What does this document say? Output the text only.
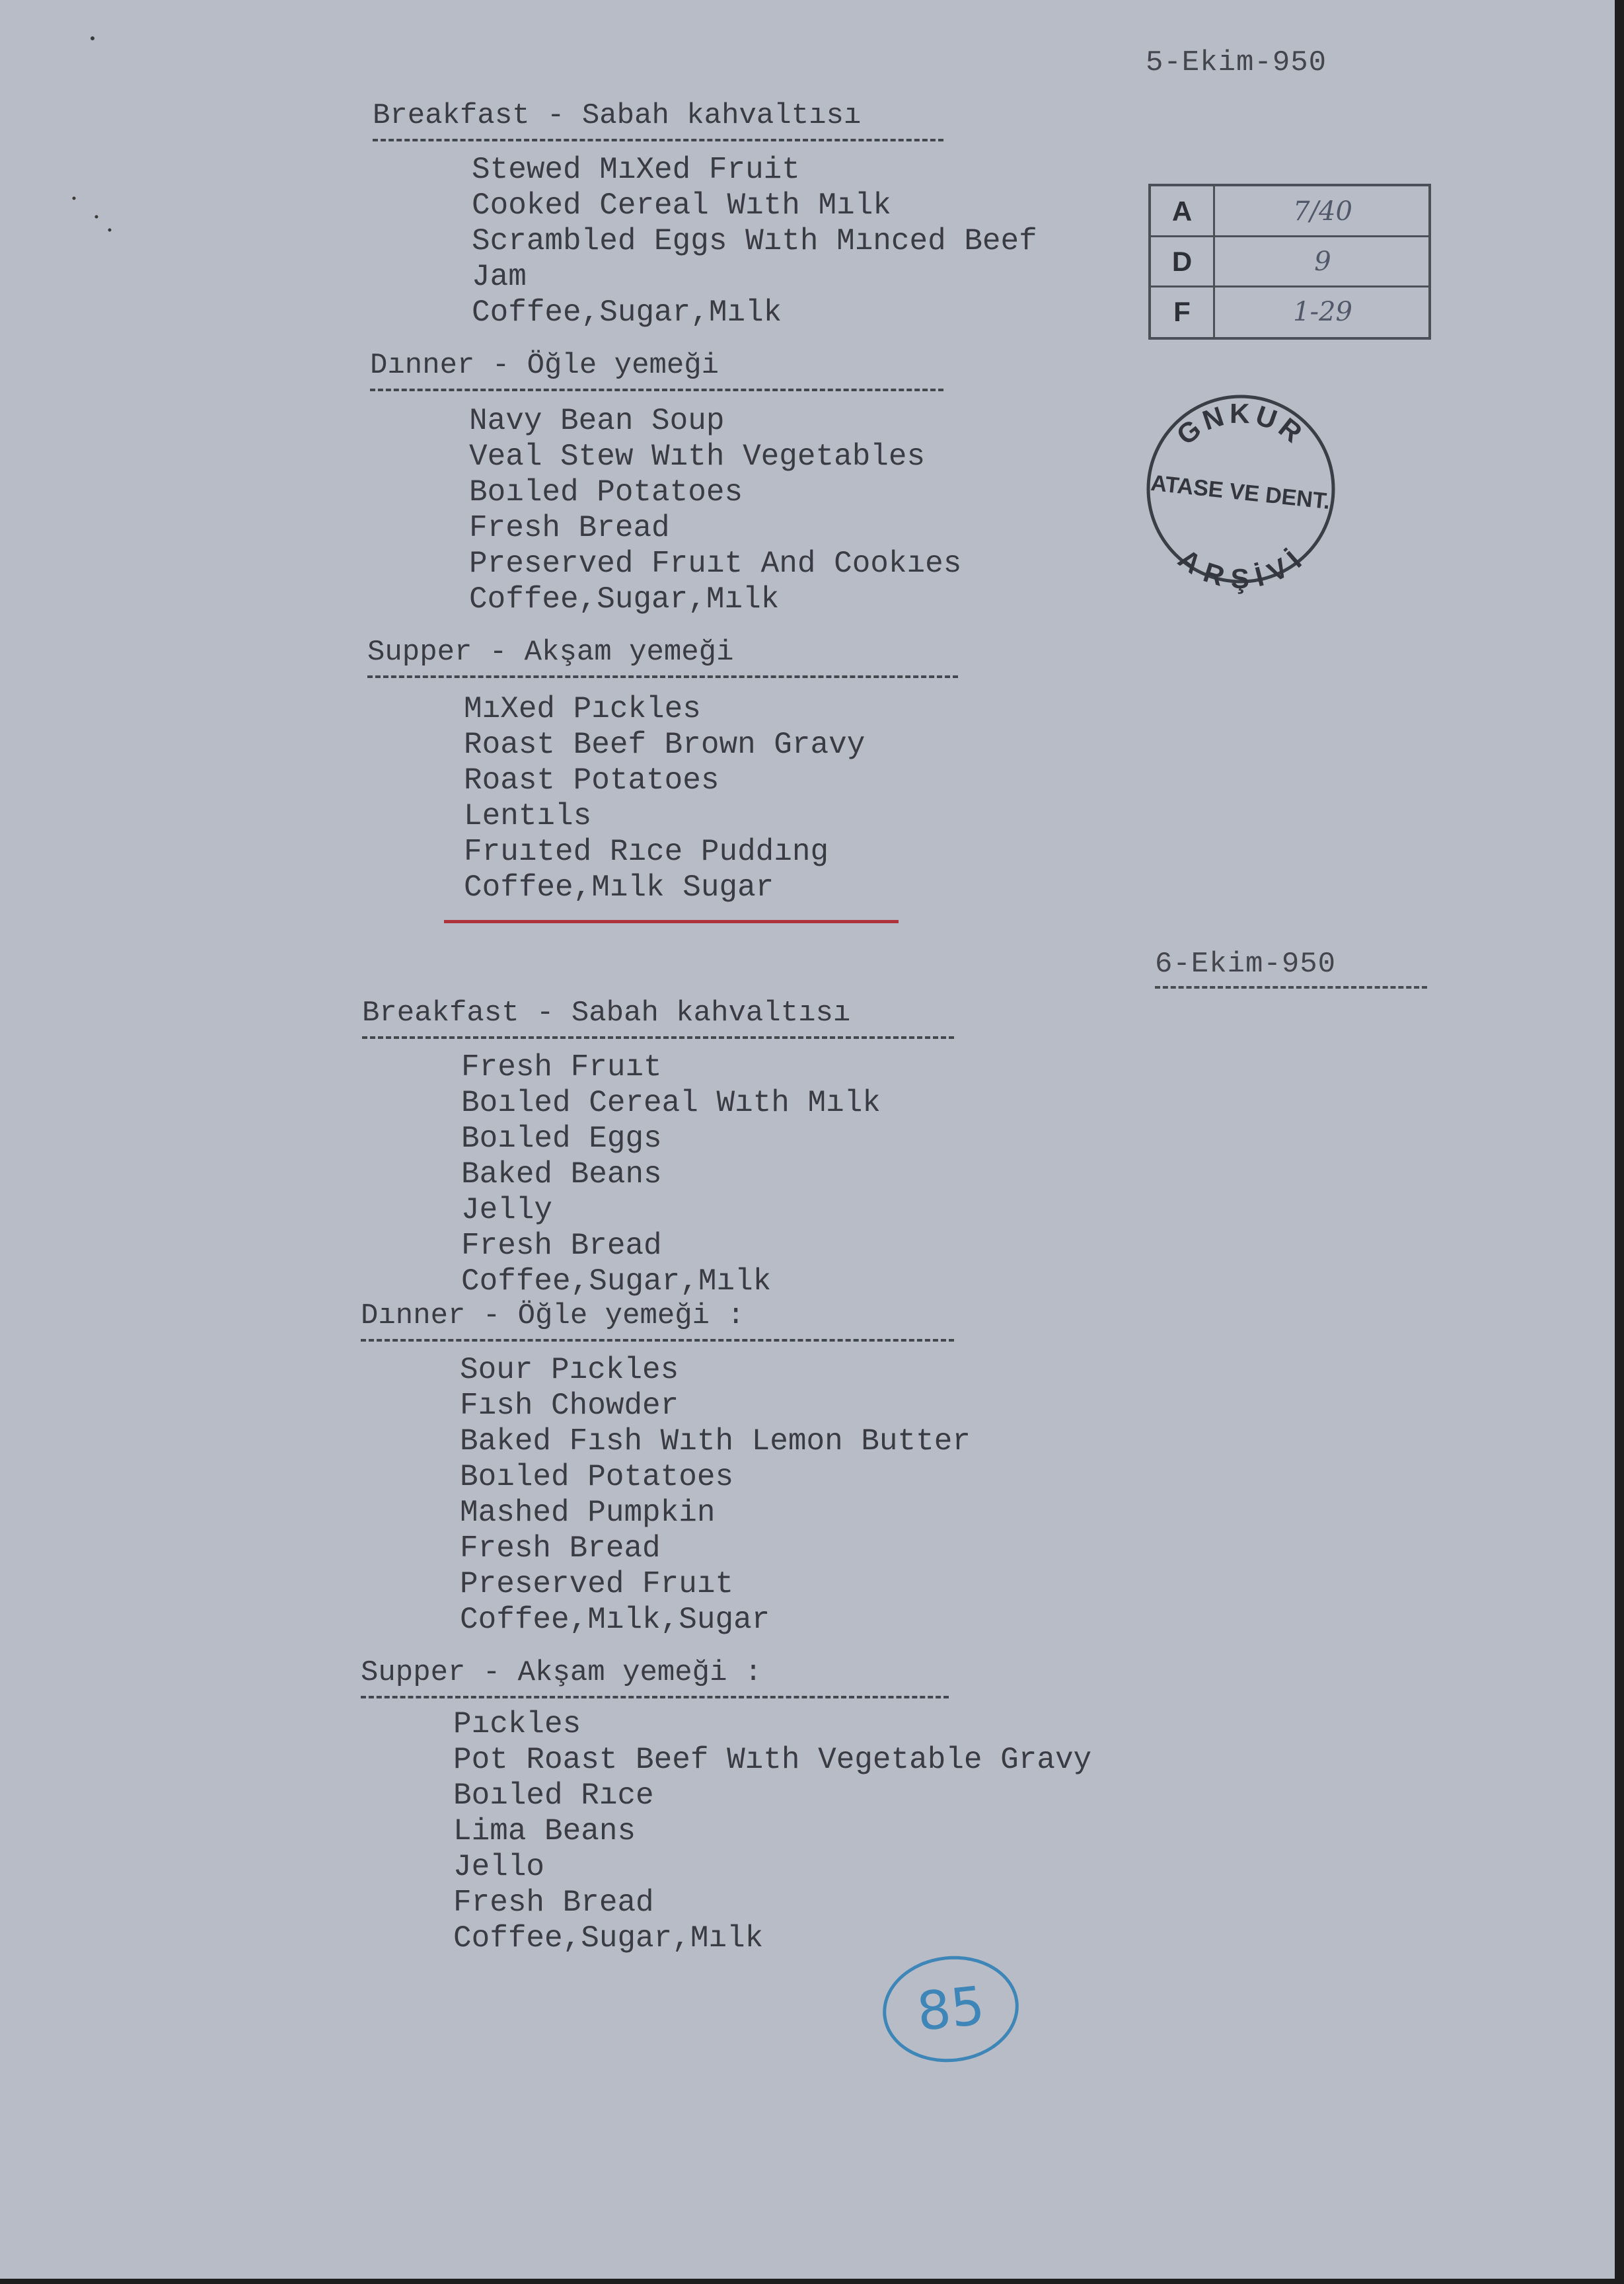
5-Ekim-950
Breakfast - Sabah kahvaltısı
Stewed MıXed Fruit
Cooked Cereal Wıth Mılk
Scrambled Eggs Wıth Mınced Beef
Jam
Coffee,Sugar,Mılk
Dınner - Öğle yemeği
Navy Bean Soup
Veal Stew Wıth Vegetables
Boıled Potatoes
Fresh Bread
Preserved Fruıt And Cookıes
Coffee,Sugar,Mılk
Supper - Akşam yemeği
MıXed Pıckles
Roast Beef Brown Gravy
Roast Potatoes
Lentıls
Fruıted Rıce Puddıng
Coffee,Mılk Sugar
6-Ekim-950
Breakfast - Sabah kahvaltısı
Fresh Fruıt
Boıled Cereal Wıth Mılk
Boıled Eggs
Baked Beans
Jelly
Fresh Bread
Coffee,Sugar,Mılk
Dınner - Öğle yemeği :
Sour Pıckles
Fısh Chowder
Baked Fısh Wıth Lemon Butter
Boıled Potatoes
Mashed Pumpkin
Fresh Bread
Preserved Fruıt
Coffee,Mılk,Sugar
Supper - Akşam yemeği :
Pıckles
Pot Roast Beef Wıth Vegetable Gravy
Boıled Rıce
Lima Beans
Jello
Fresh Bread
Coffee,Sugar,Mılk
A	7/40
D	9
F	1-29
GNKUR
ATASE VE DENT.
ARŞİVİ
85
